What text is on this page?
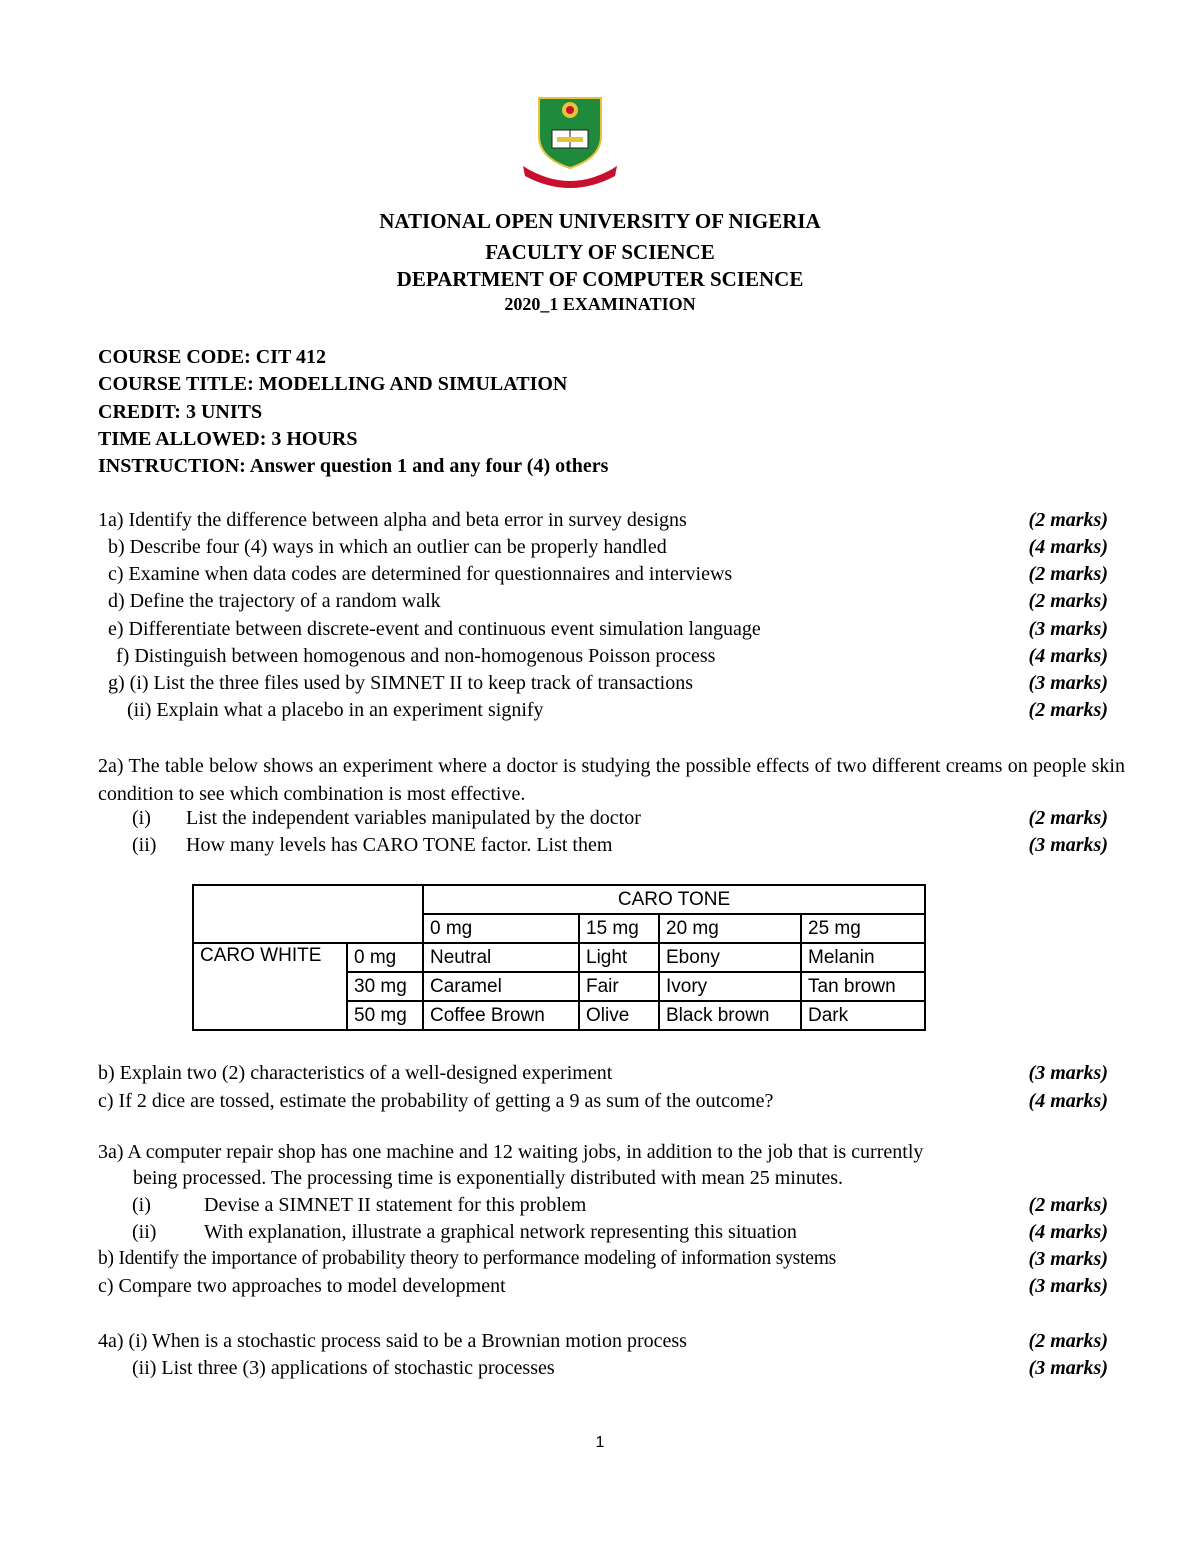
NATIONAL OPEN UNIVERSITY OF NIGERIA
FACULTY OF SCIENCE
DEPARTMENT OF COMPUTER SCIENCE
2020_1 EXAMINATION
COURSE CODE: CIT 412
COURSE TITLE: MODELLING AND SIMULATION
CREDIT: 3 UNITS
TIME ALLOWED: 3 HOURS
INSTRUCTION: Answer question 1 and any four (4) others
1a) Identify the difference between alpha and beta error in survey designs	(2 marks)
b) Describe four (4) ways in which an outlier can be properly handled	(4 marks)
c) Examine when data codes are determined for questionnaires and interviews	(2 marks)
d) Define the trajectory of a random walk	(2 marks)
e) Differentiate between discrete-event and continuous event simulation language	(3 marks)
f) Distinguish between homogenous and non-homogenous Poisson process	(4 marks)
g) (i) List the three files used by SIMNET II to keep track of transactions	(3 marks)
(ii) Explain what a placebo in an experiment signify	(2 marks)
2a) The table below shows an experiment where a doctor is studying the possible effects of two different creams on people skin condition to see which combination is most effective.
(i) List the independent variables manipulated by the doctor	(2 marks)
(ii) How many levels has CARO TONE factor. List them	(3 marks)
		CARO TONE			
		0 mg	15 mg	20 mg	25 mg
CARO WHITE	0 mg	Neutral	Light	Ebony	Melanin
	30 mg	Caramel	Fair	Ivory	Tan brown
	50 mg	Coffee Brown	Olive	Black brown	Dark
b) Explain two (2) characteristics of a well-designed experiment	(3 marks)
c) If 2 dice are tossed, estimate the probability of getting a 9 as sum of the outcome?	(4 marks)
3a) A computer repair shop has one machine and 12 waiting jobs, in addition to the job that is currently
being processed. The processing time is exponentially distributed with mean 25 minutes.
(i)	Devise a SIMNET II statement for this problem	(2 marks)
(ii) With explanation, illustrate a graphical network representing this situation	(4 marks)
b) Identify the importance of probability theory to performance modeling of information systems	(3 marks)
c) Compare two approaches to model development	(3 marks)
4a) (i) When is a stochastic process said to be a Brownian motion process	(2 marks)
(ii) List three (3) applications of stochastic processes	(3 marks)
1
